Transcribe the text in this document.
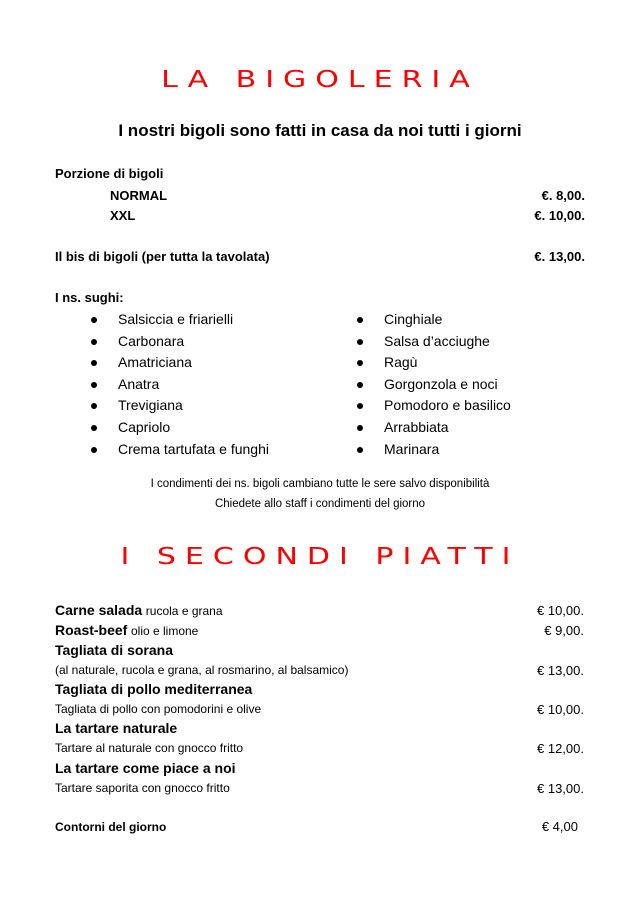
LA BIGOLERIA
I nostri bigoli sono fatti in casa da noi tutti i giorni
Porzione di bigoli
NORMAL	€. 8,00.
XXL	€. 10,00.
Il bis di bigoli (per tutta la tavolata)	€. 13,00.
I ns. sughi:
Salsiccia e friarielli
Carbonara
Amatriciana
Anatra
Trevigiana
Capriolo
Crema tartufata e funghi
Cinghiale
Salsa d’acciughe
Ragù
Gorgonzola e noci
Pomodoro e basilico
Arrabbiata
Marinara
I condimenti dei ns. bigoli cambiano tutte le sere salvo disponibilità
Chiedete allo staff i condimenti del giorno
I SECONDI PIATTI
Carne salada rucola e grana	€ 10,00.
Roast-beef olio e limone	€ 9,00.
Tagliata di sorana
(al naturale, rucola e grana, al rosmarino, al balsamico)	€ 13,00.
Tagliata di pollo mediterranea
Tagliata di pollo con pomodorini e olive	€ 10,00.
La tartare naturale
Tartare al naturale con gnocco fritto	€ 12,00.
La tartare come piace a noi
Tartare saporita con gnocco fritto	€ 13,00.
Contorni del giorno	€ 4,00
